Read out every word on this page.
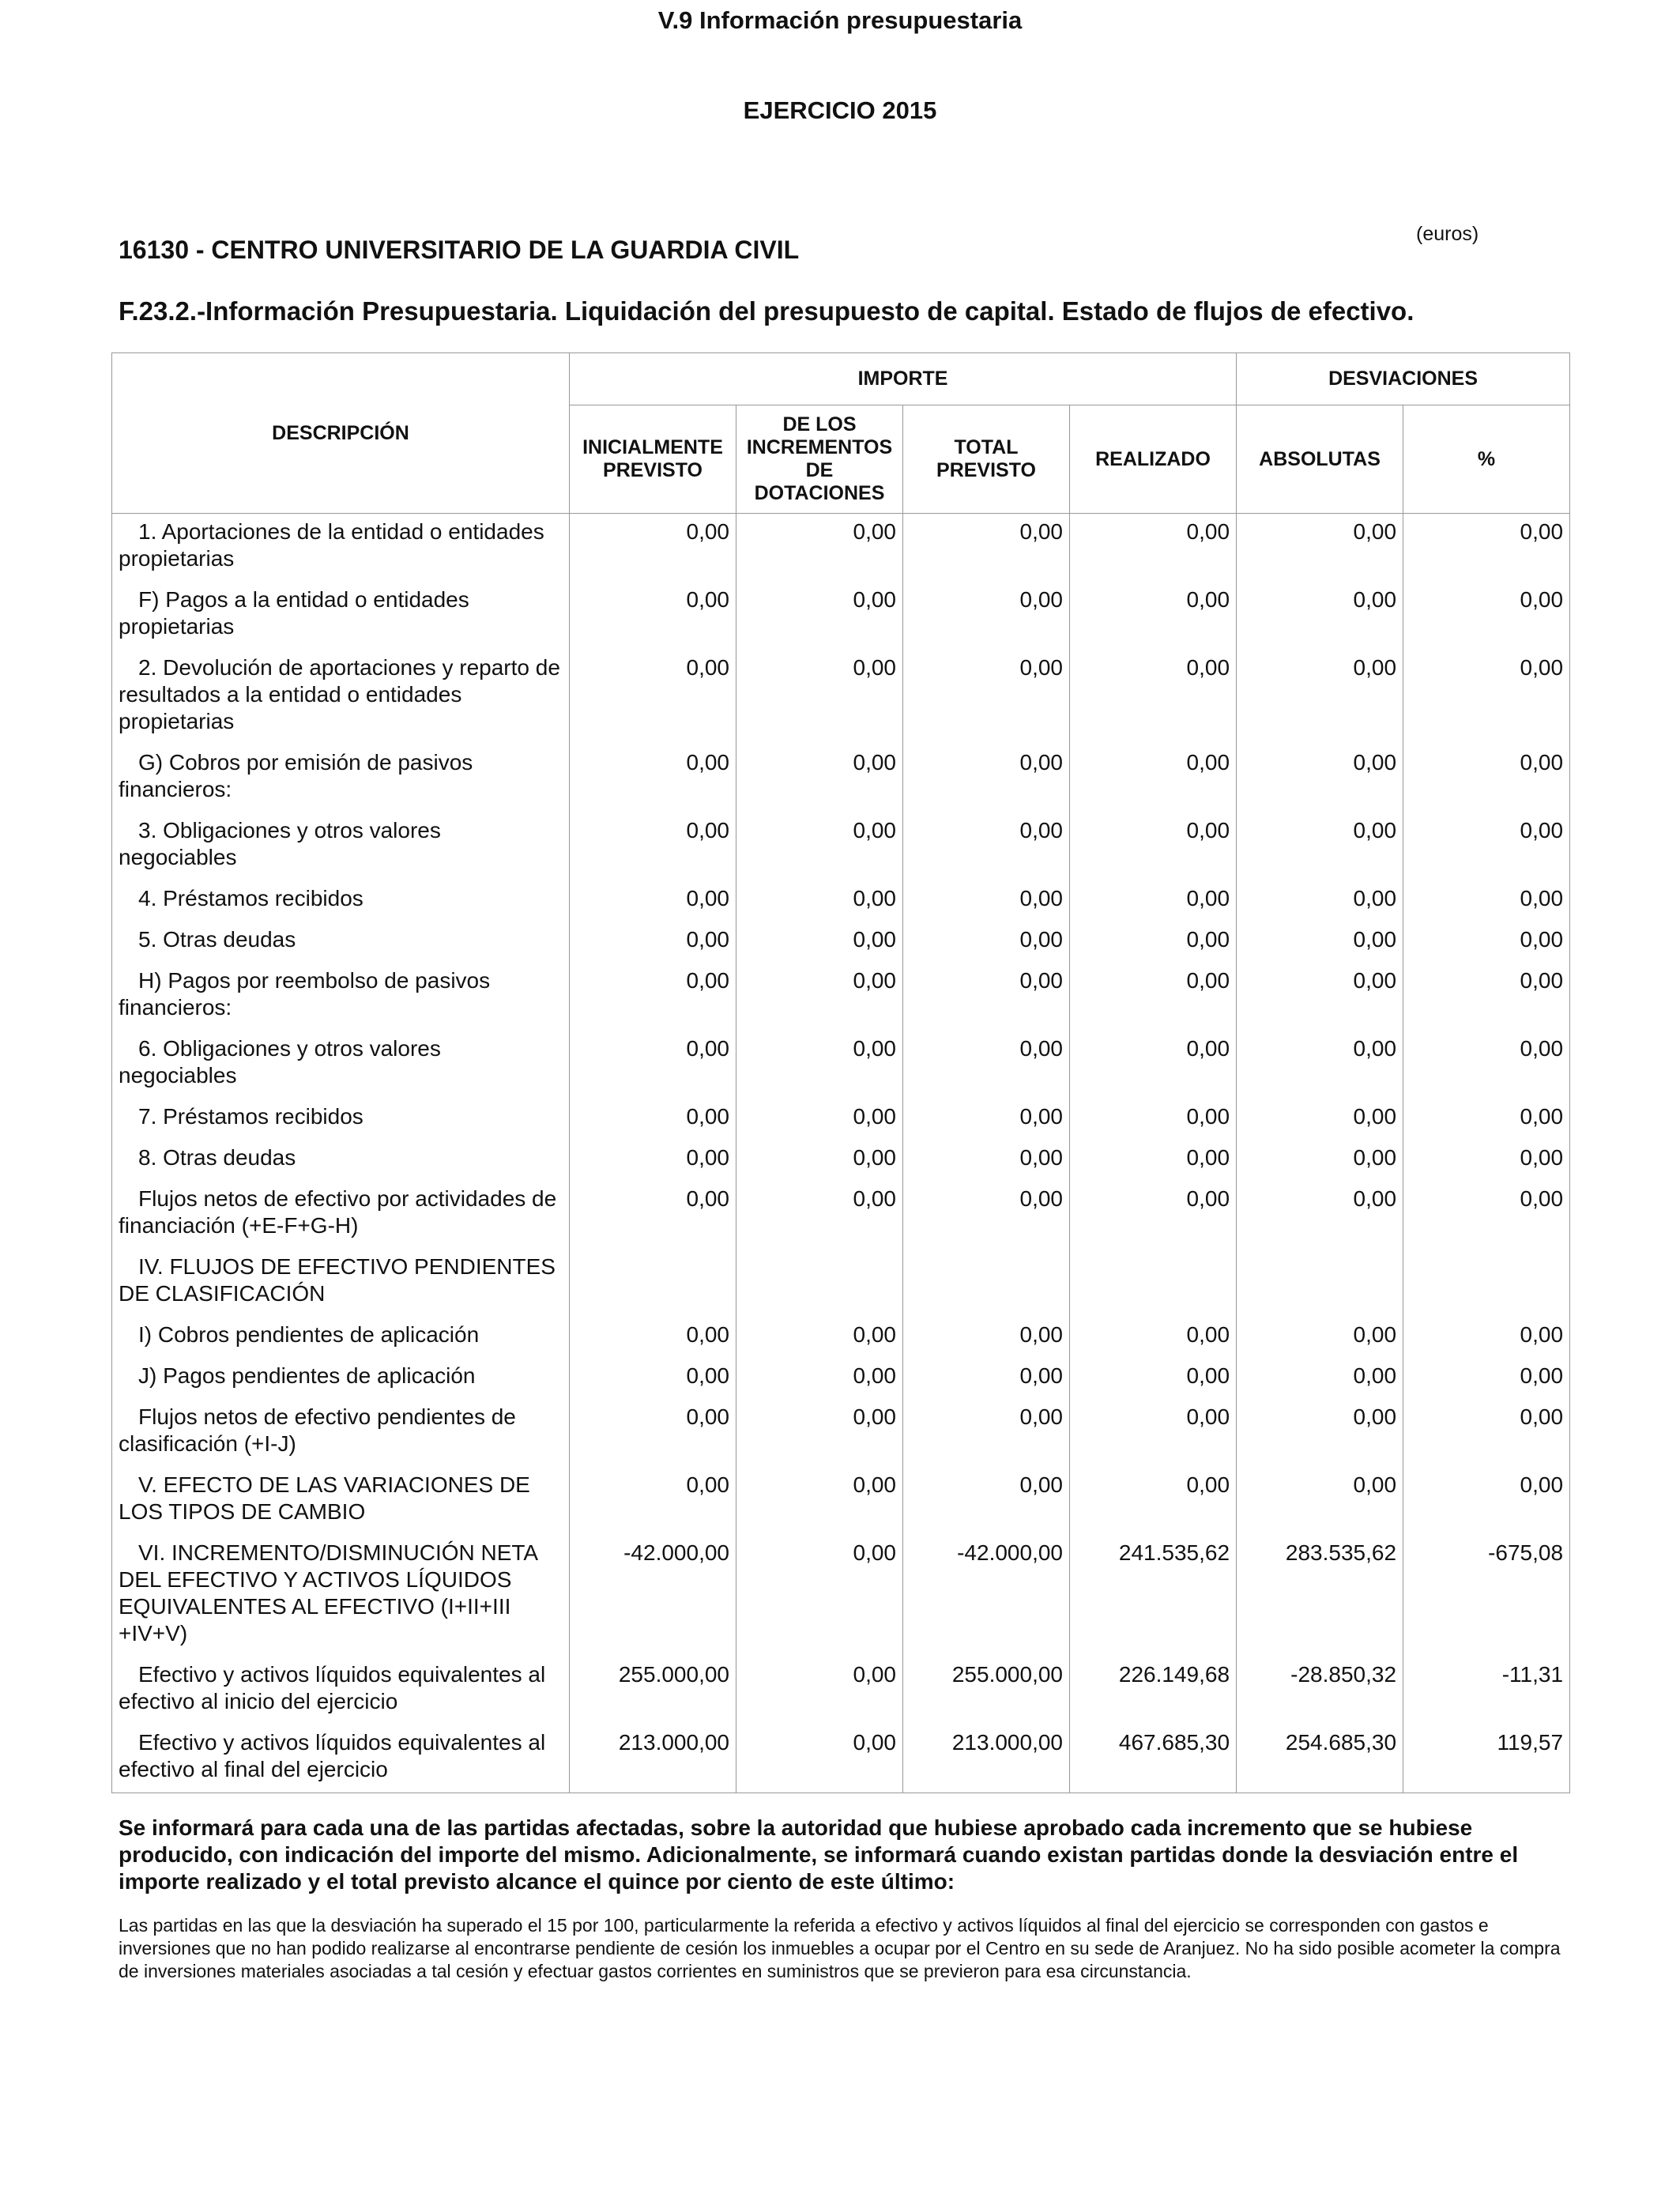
V.9 Información presupuestaria
EJERCICIO 2015
(euros)
16130 - CENTRO UNIVERSITARIO DE LA GUARDIA CIVIL
F.23.2.-Información Presupuestaria. Liquidación del presupuesto de capital. Estado de flujos de efectivo.
DESCRIPCIÓN	IMPORTE				DESVIACIONES	
	INICIALMENTE PREVISTO	DE LOS INCREMENTOS DE DOTACIONES	TOTAL PREVISTO	REALIZADO	ABSOLUTAS	%
1. Aportaciones de la entidad o entidades propietarias	0,00	0,00	0,00	0,00	0,00	0,00
F) Pagos a la entidad o entidades propietarias	0,00	0,00	0,00	0,00	0,00	0,00
2. Devolución de aportaciones y reparto de resultados a la entidad o entidades propietarias	0,00	0,00	0,00	0,00	0,00	0,00
G) Cobros por emisión de pasivos financieros:	0,00	0,00	0,00	0,00	0,00	0,00
3. Obligaciones y otros valores negociables	0,00	0,00	0,00	0,00	0,00	0,00
4. Préstamos recibidos	0,00	0,00	0,00	0,00	0,00	0,00
5. Otras deudas	0,00	0,00	0,00	0,00	0,00	0,00
H) Pagos por reembolso de pasivos financieros:	0,00	0,00	0,00	0,00	0,00	0,00
6. Obligaciones y otros valores negociables	0,00	0,00	0,00	0,00	0,00	0,00
7. Préstamos recibidos	0,00	0,00	0,00	0,00	0,00	0,00
8. Otras deudas	0,00	0,00	0,00	0,00	0,00	0,00
Flujos netos de efectivo por actividades de financiación (+E-F+G-H)	0,00	0,00	0,00	0,00	0,00	0,00
IV. FLUJOS DE EFECTIVO PENDIENTES DE CLASIFICACIÓN						
I) Cobros pendientes de aplicación	0,00	0,00	0,00	0,00	0,00	0,00
J) Pagos pendientes de aplicación	0,00	0,00	0,00	0,00	0,00	0,00
Flujos netos de efectivo pendientes de clasificación (+I-J)	0,00	0,00	0,00	0,00	0,00	0,00
V. EFECTO DE LAS VARIACIONES DE LOS TIPOS DE CAMBIO	0,00	0,00	0,00	0,00	0,00	0,00
VI. INCREMENTO/DISMINUCIÓN NETA DEL EFECTIVO Y ACTIVOS LÍQUIDOS EQUIVALENTES AL EFECTIVO (I+II+III +IV+V)	-42.000,00	0,00	-42.000,00	241.535,62	283.535,62	-675,08
Efectivo y activos líquidos equivalentes al efectivo al inicio del ejercicio	255.000,00	0,00	255.000,00	226.149,68	-28.850,32	-11,31
Efectivo y activos líquidos equivalentes al efectivo al final del ejercicio	213.000,00	0,00	213.000,00	467.685,30	254.685,30	119,57
Se informará para cada una de las partidas afectadas, sobre la autoridad que hubiese aprobado cada incremento que se hubiese producido, con indicación del importe del mismo. Adicionalmente, se informará cuando existan partidas donde la desviación entre el importe realizado y el total previsto alcance el quince por ciento de este último:
Las partidas en las que la desviación ha superado el 15 por 100, particularmente la referida a efectivo y activos líquidos al final del ejercicio se corresponden con gastos e inversiones que no han podido realizarse al encontrarse pendiente de cesión los inmuebles a ocupar por el Centro en su sede de Aranjuez. No ha sido posible acometer la compra de inversiones materiales asociadas a tal cesión y efectuar gastos corrientes en suministros que se previeron para esa circunstancia.
